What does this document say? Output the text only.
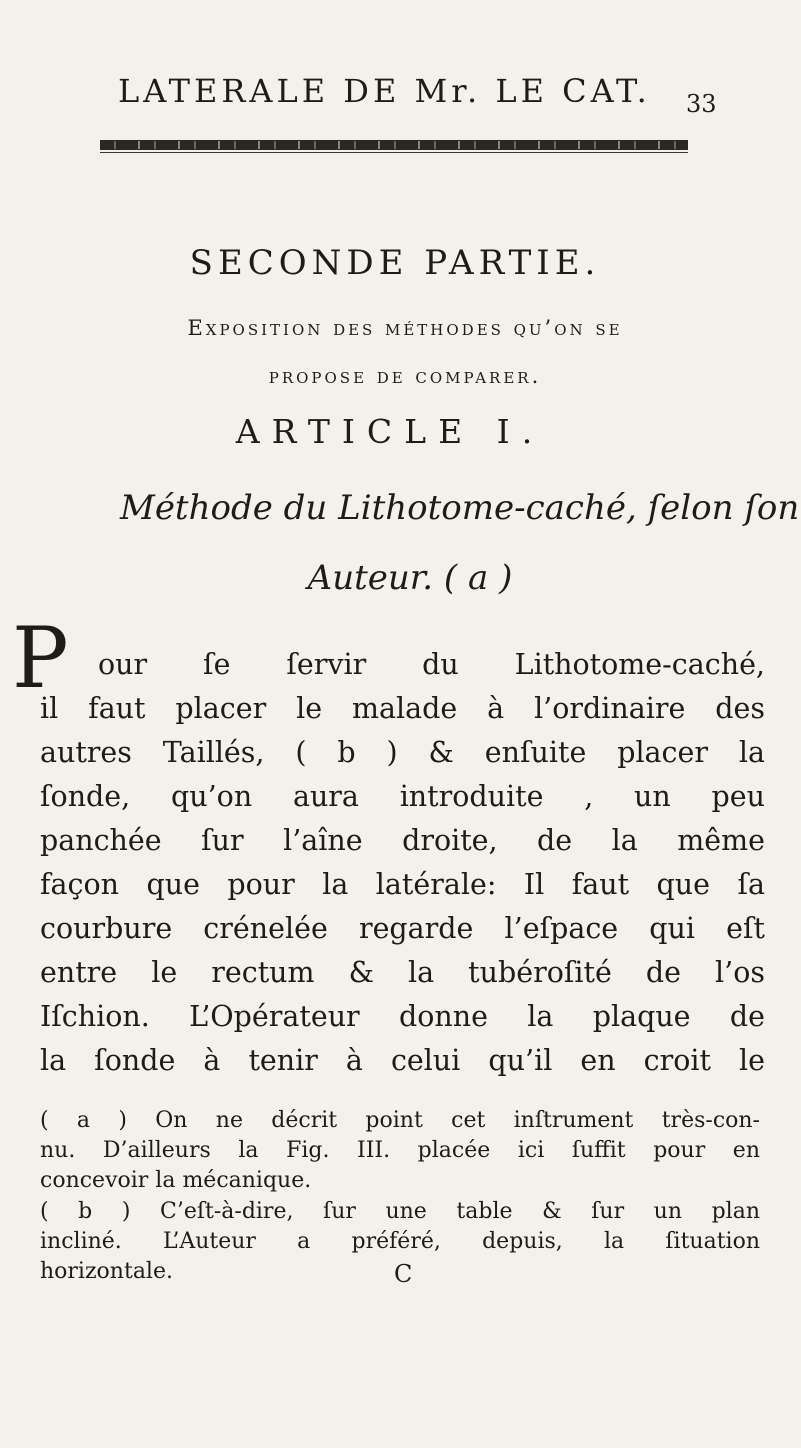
LATERALE DE Mr. LE CAT.	33
SECONDE PARTIE.
Exposition des méthodes qu’on se
propose de comparer.
ARTICLE I.
Méthode du Lithotome-caché, ſelon ſon
Auteur. ( a )
P our ſe ſervir du Lithotome-caché,
il faut placer le malade à l’ordinaire des
autres Taillés, ( b ) & enſuite placer la
ſonde, qu’on aura introduite , un peu
panchée ſur l’aîne droite, de la même
façon que pour la latérale: Il faut que ſa
courbure crénelée regarde l’eſpace qui eſt
entre le rectum & la tubéroſité de l’os
Iſchion. L’Opérateur donne la plaque de
la ſonde à tenir à celui qu’il en croit le
( a ) On ne décrit point cet inſtrument très-con-
nu. D’ailleurs la Fig. III. placée ici ſuffit pour en
concevoir la mécanique.
( b ) C’eſt-à-dire, ſur une table & ſur un plan
incliné. L’Auteur a préféré, depuis, la ſituation
horizontale.	C
